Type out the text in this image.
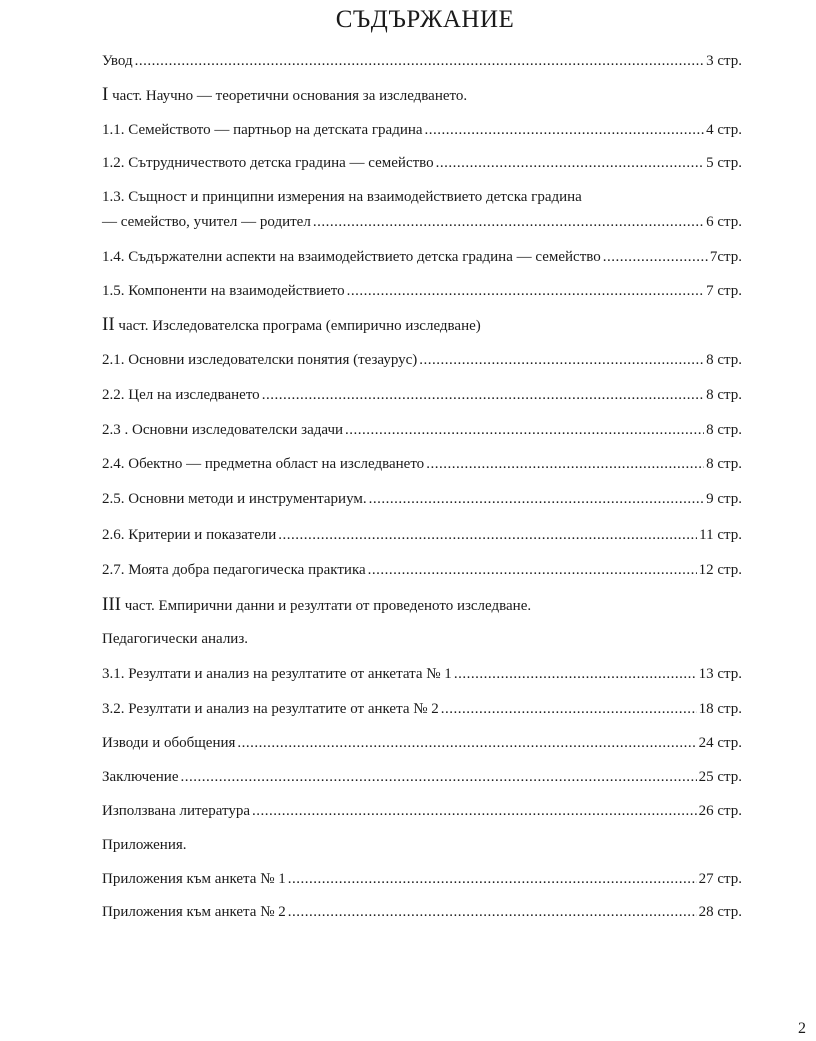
СЪДЪРЖАНИЕ
Увод .....	3 стр.
I част. Научно — теоретични основания за изследването.
1.1. Семейството — партньор на детската градина .....	4 стр.
1.2. Сътрудничеството детска градина — семейство .....	5 стр.
1.3. Същност и принципни измерения на взаимодействието детска градина
— семейство, учител — родител .....	6 стр.
1.4. Съдържателни аспекти на взаимодействието детска градина — семейство .....	7стр.
1.5. Компоненти на взаимодействието .....	7 стр.
II част. Изследователска програма (емпирично изследване)
2.1. Основни изследователски понятия (тезаурус) .....	8 стр.
2.2. Цел на изследването .....	8 стр.
2.3 . Основни изследователски задачи .....	8 стр.
2.4. Обектно — предметна област на изследването .....	8 стр.
2.5. Основни методи и инструментариум. .....	9 стр.
2.6. Критерии и показатели .....	11 стр.
2.7. Моята добра педагогическа практика .....	12 стр.
III част. Емпирични данни и резултати от проведеното изследване.
Педагогически анализ.
3.1. Резултати и анализ на резултатите от анкетата № 1 .....	13 стр.
3.2. Резултати и анализ на резултатите от анкета № 2 .....	18 стр.
Изводи и обобщения .....	24 стр.
Заключение .....	25 стр.
Използвана литература .....	26 стр.
Приложения.
Приложения към анкета № 1 .....	27 стр.
Приложения към анкета № 2 .....	28 стр.
2
